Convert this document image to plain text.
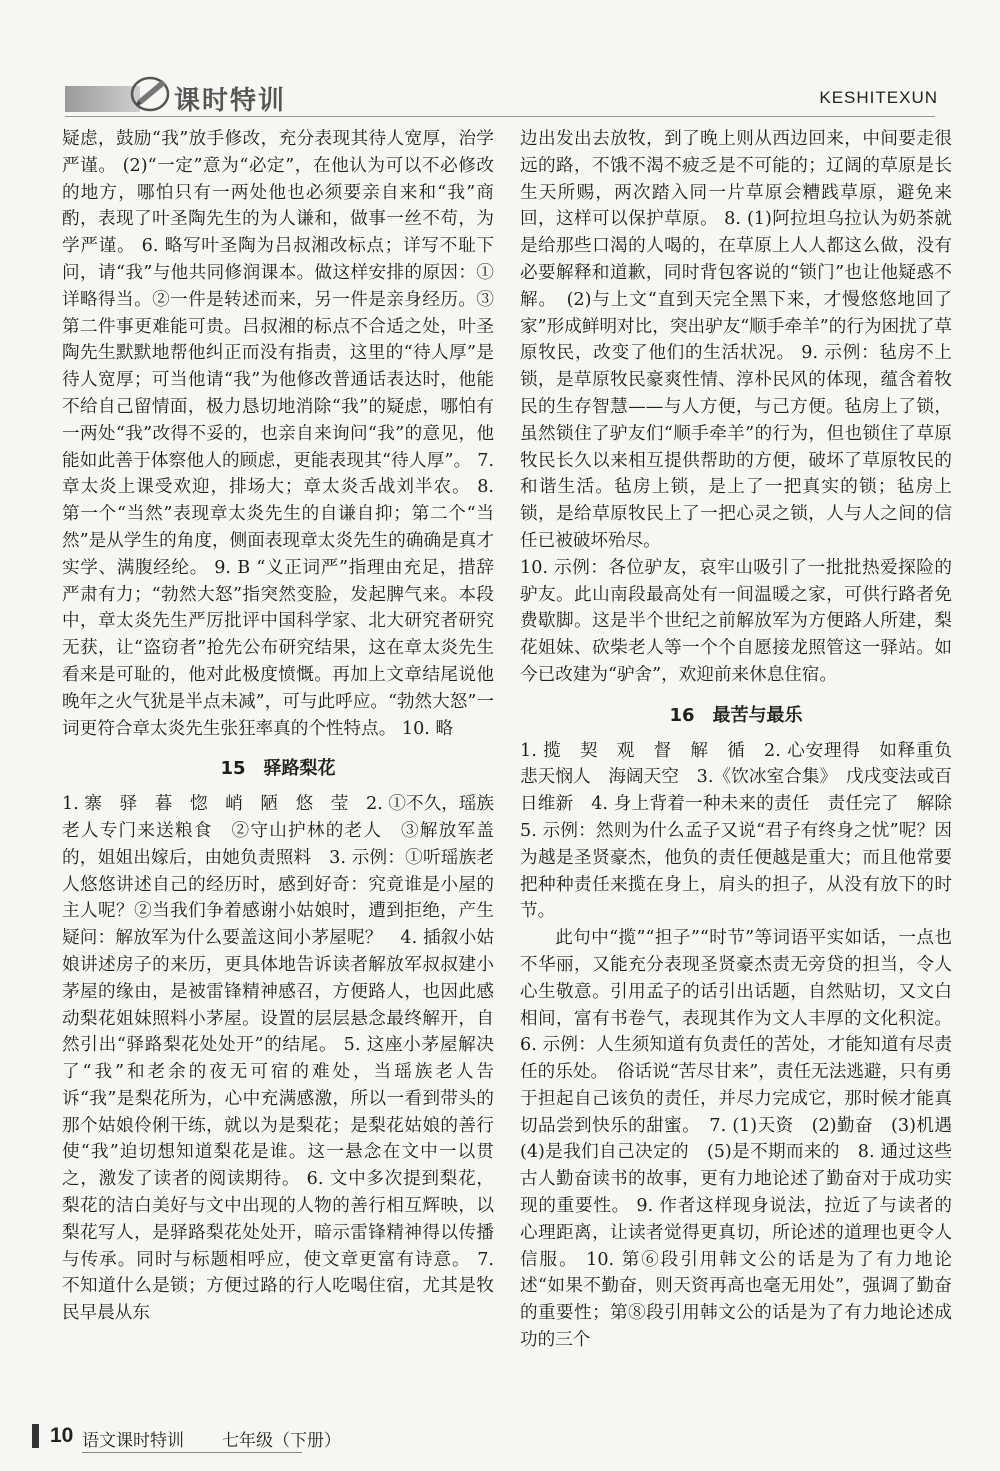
课时特训	KESHITEXUN

疑虑，鼓励“我”放手修改，充分表现其待人宽厚，治学严谨。 (2)“一定”意为“必定”，在他认为可以不必修改的地方，哪怕只有一两处他也必须要亲自来和“我”商酌，表现了叶圣陶先生的为人谦和，做事一丝不苟，为学严谨。 6. 略写叶圣陶为吕叔湘改标点；详写不耻下问，请“我”与他共同修润课本。做这样安排的原因：①详略得当。②一件是转述而来，另一件是亲身经历。③第二件事更难能可贵。吕叔湘的标点不合适之处，叶圣陶先生默默地帮他纠正而没有指责，这里的“待人厚”是待人宽厚；可当他请“我”为他修改普通话表达时，他能不给自己留情面，极力恳切地消除“我”的疑虑，哪怕有一两处“我”改得不妥的，也亲自来询问“我”的意见，他能如此善于体察他人的顾虑，更能表现其“待人厚”。 7. 章太炎上课受欢迎，排场大；章太炎舌战刘半农。 8. 第一个“当然”表现章太炎先生的自谦自抑；第二个“当然”是从学生的角度，侧面表现章太炎先生的确确是真才实学、满腹经纶。 9. B “义正词严”指理由充足，措辞严肃有力；“勃然大怒”指突然变脸，发起脾气来。本段中，章太炎先生严厉批评中国科学家、北大研究者研究无获，让“盗窃者”抢先公布研究结果，这在章太炎先生看来是可耻的，他对此极度愤慨。再加上文章结尾说他晚年之火气犹是半点未减”，可与此呼应。“勃然大怒”一词更符合章太炎先生张狂率真的个性特点。 10. 略

15　驿路梨花

1. 寨　驿　暮　惚　峭　陋　悠　莹　2. ①不久，瑶族老人专门来送粮食　②守山护林的老人　③解放军盖的，姐姐出嫁后，由她负责照料　3. 示例：①听瑶族老人悠悠讲述自己的经历时，感到好奇：究竟谁是小屋的主人呢？②当我们争着感谢小姑娘时，遭到拒绝，产生疑问：解放军为什么要盖这间小茅屋呢？　4. 插叙小姑娘讲述房子的来历，更具体地告诉读者解放军叔叔建小茅屋的缘由，是被雷锋精神感召，方便路人，也因此感动梨花姐妹照料小茅屋。设置的层层悬念最终解开，自然引出“驿路梨花处处开”的结尾。 5. 这座小茅屋解决了“我”和老余的夜无可宿的难处，当瑶族老人告诉“我”是梨花所为，心中充满感激，所以一看到带头的那个姑娘伶俐干练，就以为是梨花；是梨花姑娘的善行使“我”迫切想知道梨花是谁。这一悬念在文中一以贯之，激发了读者的阅读期待。 6. 文中多次提到梨花，梨花的洁白美好与文中出现的人物的善行相互辉映，以梨花写人，是驿路梨花处处开，暗示雷锋精神得以传播与传承。同时与标题相呼应，使文章更富有诗意。 7. 不知道什么是锁；方便过路的行人吃喝住宿，尤其是牧民早晨从东

边出发出去放牧，到了晚上则从西边回来，中间要走很远的路，不饿不渴不疲乏是不可能的；辽阔的草原是长生天所赐，两次踏入同一片草原会糟践草原，避免来回，这样可以保护草原。 8. (1)阿拉坦乌拉认为奶茶就是给那些口渴的人喝的，在草原上人人都这么做，没有必要解释和道歉，同时背包客说的“锁门”也让他疑惑不解。　(2)与上文“直到天完全黑下来，才慢悠悠地回了家”形成鲜明对比，突出驴友“顺手牵羊”的行为困扰了草原牧民，改变了他们的生活状况。 9. 示例：毡房不上锁，是草原牧民豪爽性情、淳朴民风的体现，蕴含着牧民的生存智慧——与人方便，与己方便。毡房上了锁，虽然锁住了驴友们“顺手牵羊”的行为，但也锁住了草原牧民长久以来相互提供帮助的方便，破坏了草原牧民的和谐生活。毡房上锁，是上了一把真实的锁；毡房上锁，是给草原牧民上了一把心灵之锁，人与人之间的信任已被破坏殆尽。

10. 示例：各位驴友，哀牢山吸引了一批批热爱探险的驴友。此山南段最高处有一间温暖之家，可供行路者免费歇脚。这是半个世纪之前解放军为方便路人所建，梨花姐妹、砍柴老人等一个个自愿接龙照管这一驿站。如今已改建为“驴舍”，欢迎前来休息住宿。

16　最苦与最乐

1. 揽　契　观　督　解　循　2. 心安理得　如释重负　悲天悯人　海阔天空　3.《饮冰室合集》　戊戌变法或百日维新　4. 身上背着一种未来的责任　责任完了　解除　5. 示例：然则为什么孟子又说“君子有终身之忧”呢？因为越是圣贤豪杰，他负的责任便越是重大；而且他常要把种种责任来揽在身上，肩头的担子，从没有放下的时节。

此句中“揽”“担子”“时节”等词语平实如话，一点也不华丽，又能充分表现圣贤豪杰责无旁贷的担当，令人心生敬意。引用孟子的话引出话题，自然贴切，又文白相间，富有书卷气，表现其作为文人丰厚的文化积淀。 6. 示例：人生须知道有负责任的苦处，才能知道有尽责任的乐处。　俗话说“苦尽甘来”，责任无法逃避，只有勇于担起自己该负的责任，并尽力完成它，那时候才能真切品尝到快乐的甜蜜。　7. (1)天资　(2)勤奋　(3)机遇　(4)是我们自己决定的　(5)是不期而来的　8. 通过这些古人勤奋读书的故事，更有力地论述了勤奋对于成功实现的重要性。 9. 作者这样现身说法，拉近了与读者的心理距离，让读者觉得更真切，所论述的道理也更令人信服。 10. 第⑥段引用韩文公的话是为了有力地论述“如果不勤奋，则天资再高也毫无用处”，强调了勤奋的重要性；第⑧段引用韩文公的话是为了有力地论述成功的三个

10 语文课时特训 七年级（下册）
